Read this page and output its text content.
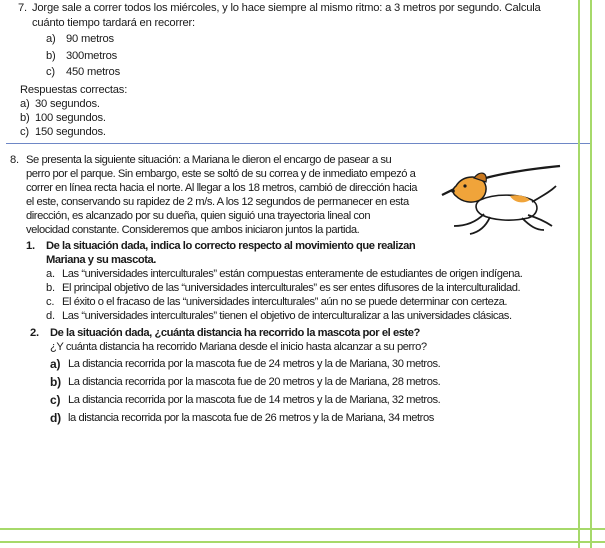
7. Jorge sale a correr todos los miércoles, y lo hace siempre al mismo ritmo: a 3 metros por segundo. Calcula
cuánto tiempo tardará en recorrer:
a) 90 metros
b) 300metros
c) 450 metros
Respuestas correctas:
a) 30 segundos.
b) 100 segundos.
c) 150 segundos.
8. Se presenta la siguiente situación: a Mariana le dieron el encargo de pasear a su
perro por el parque. Sin embargo, este se soltó de su correa y de inmediato empezó a
correr en línea recta hacia el norte. Al llegar a los 18 metros, cambió de dirección hacia
el este, conservando su rapidez de 2 m/s. A los 12 segundos de permanecer en esta
dirección, es alcanzado por su dueña, quien siguió una trayectoria lineal con
velocidad constante. Consideremos que ambos iniciaron juntos la partida.
1. De la situación dada, indica lo correcto respecto al movimiento que realizan
Mariana y su mascota.
a. Las “universidades interculturales” están compuestas enteramente de estudiantes de origen indígena.
b. El principal objetivo de las “universidades interculturales” es ser entes difusores de la interculturalidad.
c. El éxito o el fracaso de las “universidades interculturales” aún no se puede determinar con certeza.
d. Las “universidades interculturales” tienen el objetivo de interculturalizar a las universidades clásicas.
2. De la situación dada, ¿cuánta distancia ha recorrido la mascota por el este?
¿Y cuánta distancia ha recorrido Mariana desde el inicio hasta alcanzar a su perro?
a) La distancia recorrida por la mascota fue de 24 metros y la de Mariana, 30 metros.
b) La distancia recorrida por la mascota fue de 20 metros y la de Mariana, 28 metros.
c) La distancia recorrida por la mascota fue de 14 metros y la de Mariana, 32 metros.
d) la distancia recorrida por la mascota fue de 26 metros y la de Mariana, 34 metros
